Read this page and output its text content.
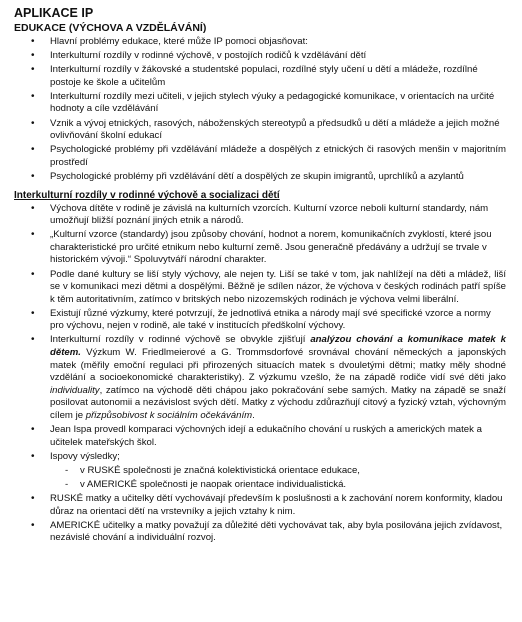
APLIKACE IP
EDUKACE (VÝCHOVA A VZDĚLÁVÁNÍ)
• Hlavní problémy edukace, které může IP pomoci objasňovat:
• Interkulturní rozdíly v rodinné výchově, v postojích rodičů k vzdělávání dětí
• Interkulturní rozdíly v žákovské a studentské populaci, rozdílné styly učení u dětí a mládeže, rozdílné postoje ke škole a učitelům
• Interkulturní rozdíly mezi učiteli, v jejich stylech výuky a pedagogické komunikace, v orientacích na určité hodnoty a cíle vzdělávání
• Vznik a vývoj etnických, rasových, náboženských stereotypů a předsudků u dětí a mládeže a jejich možné ovlivňování školní edukací
• Psychologické problémy při vzdělávání mládeže a dospělých z etnických či rasových menšin v majoritním prostředí
• Psychologické problémy při vzdělávání dětí a dospělých ze skupin imigrantů, uprchlíků a azylantů
Interkulturní rozdíly v rodinné výchově a socializaci dětí
• Výchova dítěte v rodině je závislá na kulturních vzorcích. Kulturní vzorce neboli kulturní standardy, nám umožňují bližší poznání jiných etnik a národů.
• „Kulturní vzorce (standardy) jsou způsoby chování, hodnot a norem, komunikačních zvyklostí, které jsou charakteristické pro určité etnikum nebo kulturní země. Jsou generačně předávány a udržují se trvale v historickém vývoji.“ Spoluvytváří národní charakter.
• Podle dané kultury se liší styly výchovy, ale nejen ty. Liší se také v tom, jak nahlížejí na děti a mládež, liší se v komunikaci mezi dětmi a dospělými. Běžně je sdílen názor, že výchova v českých rodinách patří spíše k těm autoritativním, zatímco v britských nebo nizozemských rodinách je výchova velmi liberální.
• Existují různé výzkumy, které potvrzují, že jednotlivá etnika a národy mají své specifické vzorce a normy pro výchovu, nejen v rodině, ale také v institucích předškolní výchovy.
• Interkulturní rozdíly v rodinné výchově se obvykle zjišťují analýzou chování a komunikace matek k dětem. Výzkum W. Friedlmeierové a G. Trommsdorfové srovnával chování německých a japonských matek (měřily emoční regulaci při přirozených situacích matek s dvouletými dětmi; matky měly shodné vzdělání a socioekonomické charakteristiky). Z výzkumu vzešlo, že na západě rodiče vidí své děti jako individuality, zatímco na východě děti chápou jako pokračování sebe samých. Matky na západě se snaží posilovat autonomii a nezávislost svých dětí. Matky z východu zdůrazňují citový a fyzický vztah, výchovným cílem je přizpůsobivost k sociálním očekáváním.
• Jean Ispa provedl komparaci výchovných idejí a edukačního chování u ruských a amerických matek a učitelek mateřských škol.
• Ispovy výsledky;
- v RUSKÉ společnosti je značná kolektivistická orientace edukace,
- v AMERICKÉ společnosti je naopak orientace individualistická.
• RUSKÉ matky a učitelky dětí vychovávají především k poslušnosti a k zachování norem konformity, kladou důraz na orientaci dětí na vrstevníky a jejich vztahy k nim.
• AMERICKÉ učitelky a matky považují za důležité děti vychovávat tak, aby byla posilována jejich zvídavost, nezávislé chování a individuální rozvoj.
